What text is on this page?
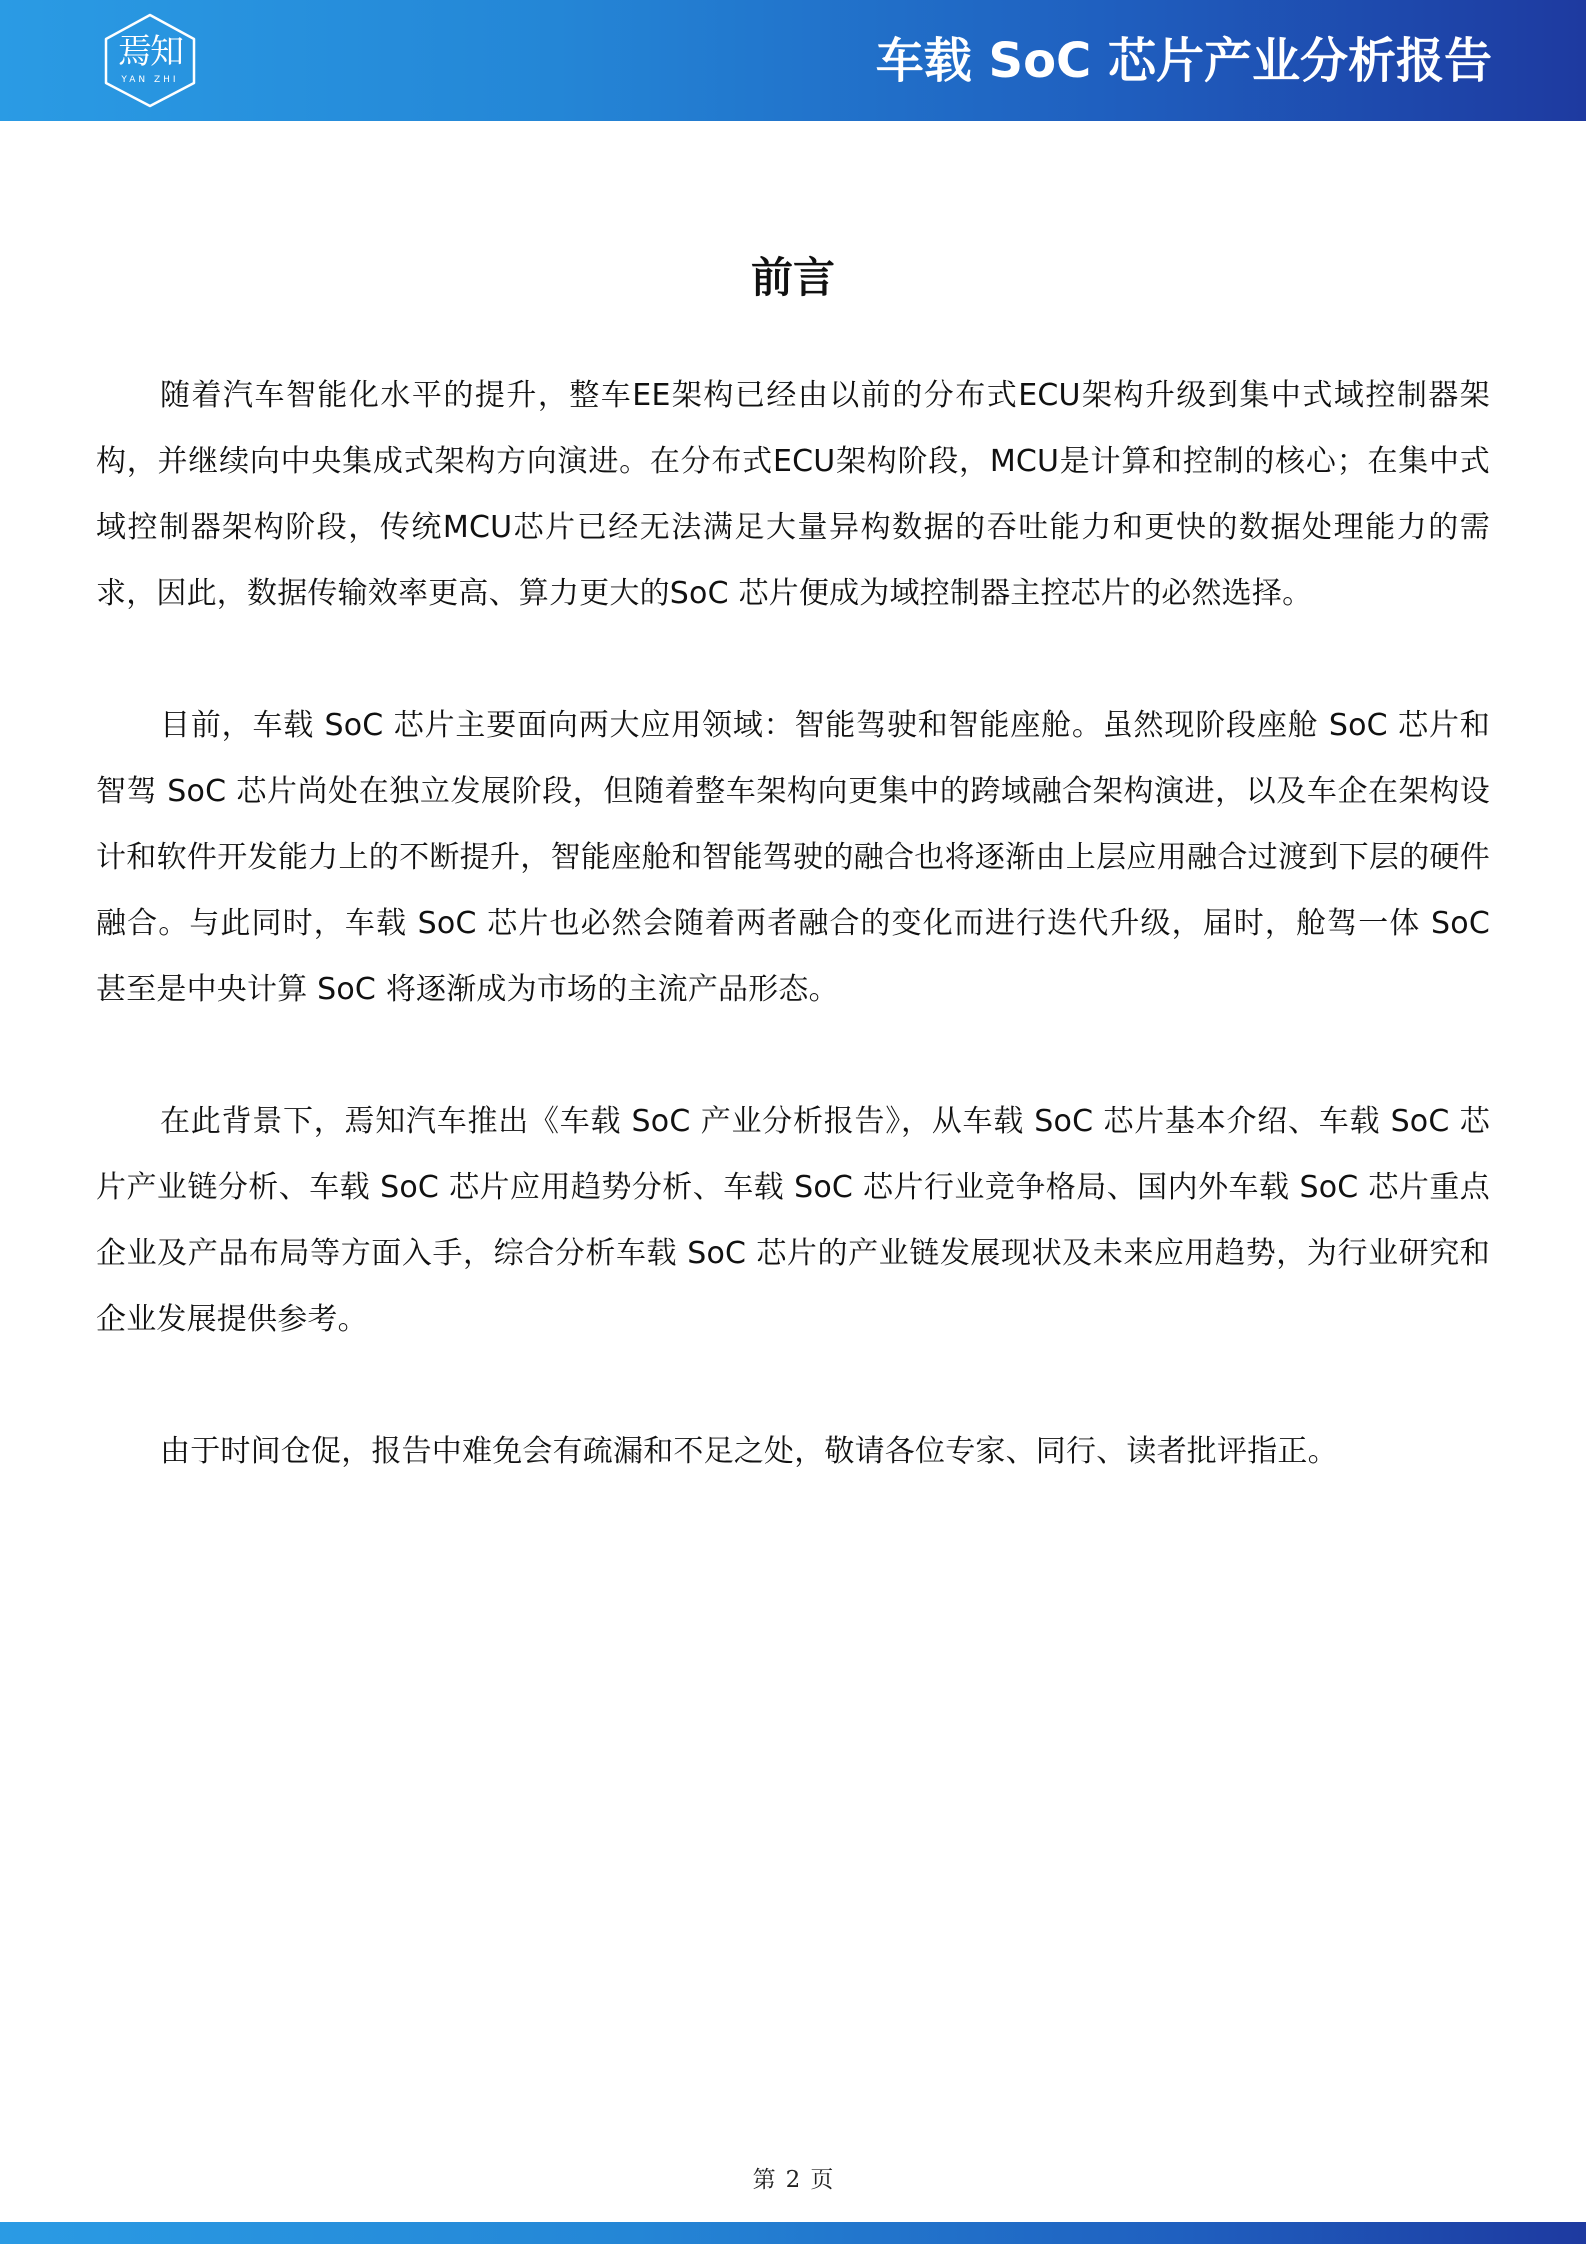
焉知
YAN ZHI	车载 SoC 芯片产业分析报告
前言

随着汽车智能化水平的提升，整车EE架构已经由以前的分布式ECU架构升级到集中式域控制器架构，并继续向中央集成式架构方向演进。在分布式ECU架构阶段，MCU是计算和控制的核心；在集中式域控制器架构阶段，传统MCU芯片已经无法满足大量异构数据的吞吐能力和更快的数据处理能力的需求，因此，数据传输效率更高、算力更大的SoC 芯片便成为域控制器主控芯片的必然选择。

目前，车载 SoC 芯片主要面向两大应用领域：智能驾驶和智能座舱。虽然现阶段座舱 SoC 芯片和智驾 SoC 芯片尚处在独立发展阶段，但随着整车架构向更集中的跨域融合架构演进，以及车企在架构设计和软件开发能力上的不断提升，智能座舱和智能驾驶的融合也将逐渐由上层应用融合过渡到下层的硬件融合。与此同时，车载 SoC 芯片也必然会随着两者融合的变化而进行迭代升级，届时，舱驾一体 SoC 甚至是中央计算 SoC 将逐渐成为市场的主流产品形态。

在此背景下，焉知汽车推出《车载 SoC 产业分析报告》，从车载 SoC 芯片基本介绍、车载 SoC 芯片产业链分析、车载 SoC 芯片应用趋势分析、车载 SoC 芯片行业竞争格局、国内外车载 SoC 芯片重点企业及产品布局等方面入手，综合分析车载 SoC 芯片的产业链发展现状及未来应用趋势，为行业研究和企业发展提供参考。

由于时间仓促，报告中难免会有疏漏和不足之处，敬请各位专家、同行、读者批评指正。

第 2 页
